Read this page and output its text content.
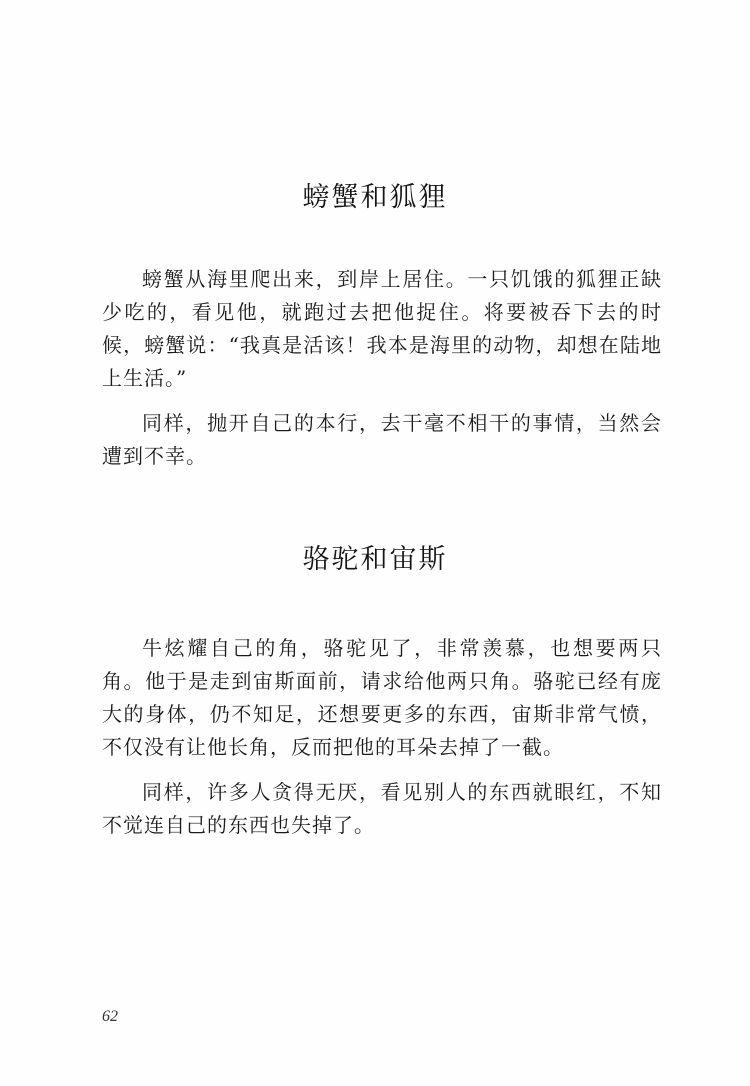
螃蟹和狐狸

螃蟹从海里爬出来，到岸上居住。一只饥饿的狐狸正缺少吃的，看见他，就跑过去把他捉住。将要被吞下去的时候，螃蟹说：“我真是活该！我本是海里的动物，却想在陆地上生活。”

同样，抛开自己的本行，去干毫不相干的事情，当然会遭到不幸。

骆驼和宙斯

牛炫耀自己的角，骆驼见了，非常羡慕，也想要两只角。他于是走到宙斯面前，请求给他两只角。骆驼已经有庞大的身体，仍不知足，还想要更多的东西，宙斯非常气愤，不仅没有让他长角，反而把他的耳朵去掉了一截。

同样，许多人贪得无厌，看见别人的东西就眼红，不知不觉连自己的东西也失掉了。

62
